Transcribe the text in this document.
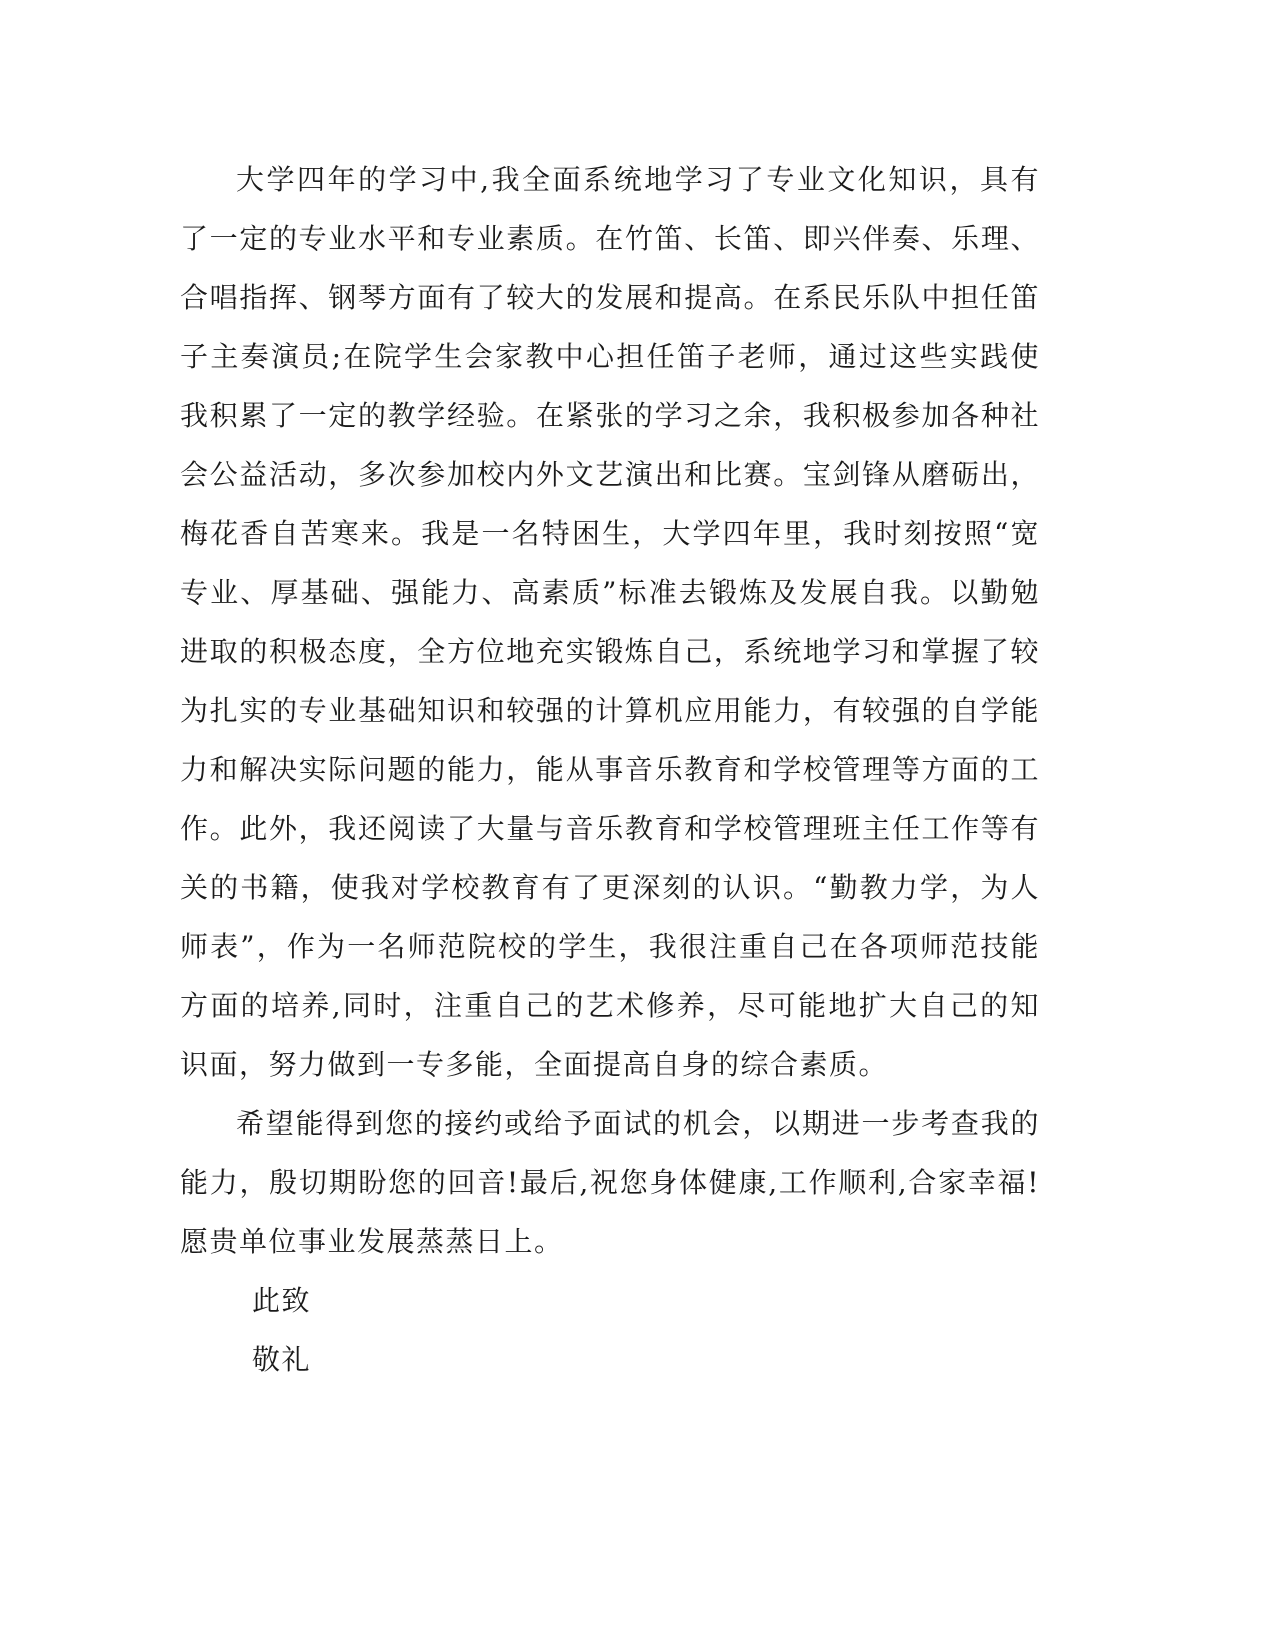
大学四年的学习中,我全面系统地学习了专业文化知识，具有了一定的专业水平和专业素质。在竹笛、长笛、即兴伴奏、乐理、合唱指挥、钢琴方面有了较大的发展和提高。在系民乐队中担任笛子主奏演员;在院学生会家教中心担任笛子老师，通过这些实践使我积累了一定的教学经验。在紧张的学习之余，我积极参加各种社会公益活动，多次参加校内外文艺演出和比赛。宝剑锋从磨砺出，梅花香自苦寒来。我是一名特困生，大学四年里，我时刻按照“宽专业、厚基础、强能力、高素质”标准去锻炼及发展自我。以勤勉进取的积极态度，全方位地充实锻炼自己，系统地学习和掌握了较为扎实的专业基础知识和较强的计算机应用能力，有较强的自学能力和解决实际问题的能力，能从事音乐教育和学校管理等方面的工作。此外，我还阅读了大量与音乐教育和学校管理班主任工作等有关的书籍，使我对学校教育有了更深刻的认识。“勤教力学，为人师表”，作为一名师范院校的学生，我很注重自己在各项师范技能方面的培养,同时，注重自己的艺术修养，尽可能地扩大自己的知识面，努力做到一专多能，全面提高自身的综合素质。

希望能得到您的接约或给予面试的机会，以期进一步考查我的能力，殷切期盼您的回音!最后,祝您身体健康,工作顺利,合家幸福!愿贵单位事业发展蒸蒸日上。

此致

敬礼
